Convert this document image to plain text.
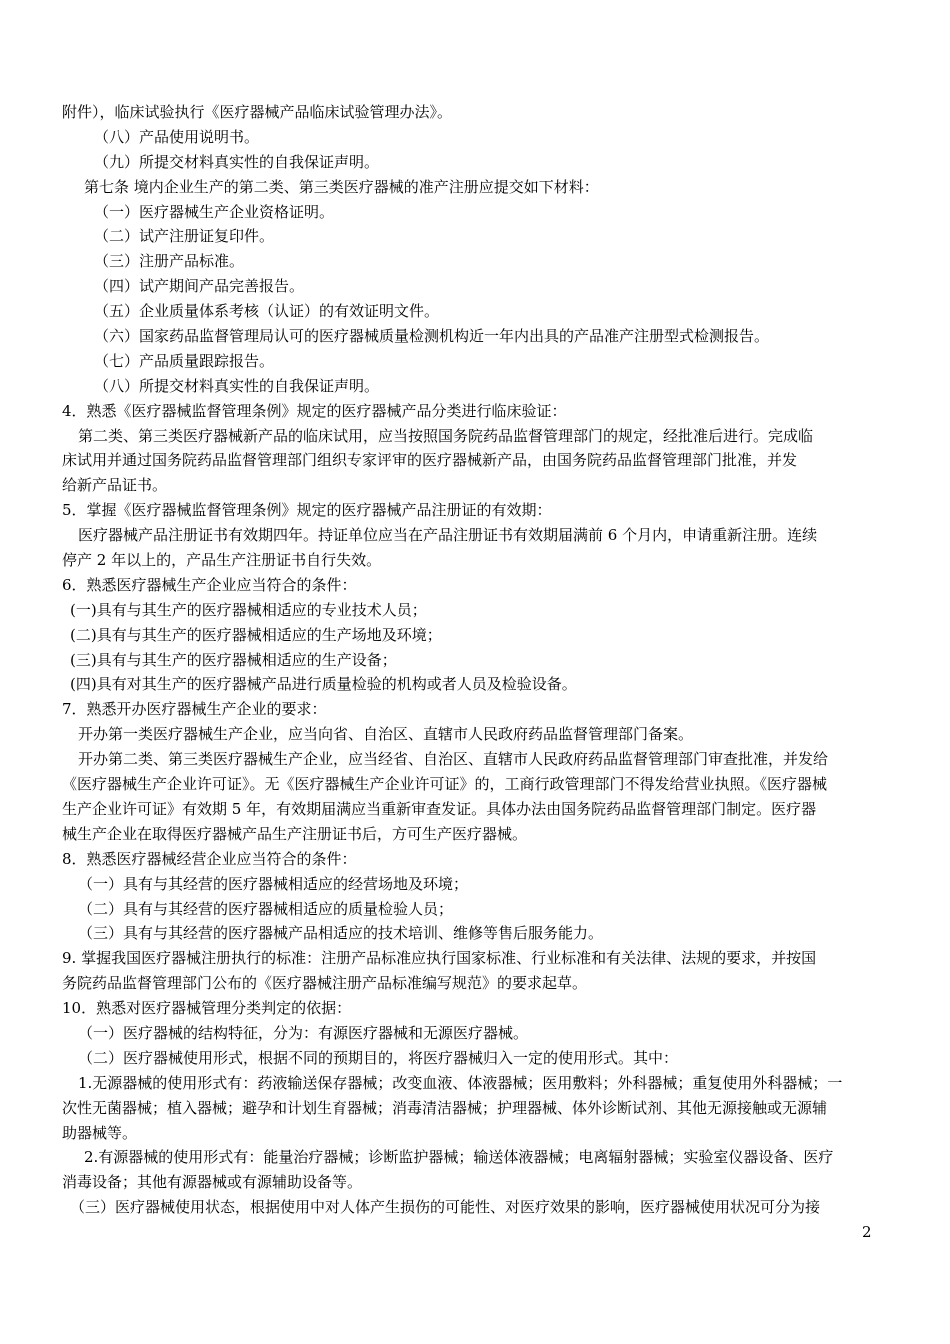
附件），临床试验执行《医疗器械产品临床试验管理办法》。
（八）产品使用说明书。
（九）所提交材料真实性的自我保证声明。
第七条 境内企业生产的第二类、第三类医疗器械的准产注册应提交如下材料：
（一）医疗器械生产企业资格证明。
（二）试产注册证复印件。
（三）注册产品标准。
（四）试产期间产品完善报告。
（五）企业质量体系考核（认证）的有效证明文件。
（六）国家药品监督管理局认可的医疗器械质量检测机构近一年内出具的产品准产注册型式检测报告。
（七）产品质量跟踪报告。
（八）所提交材料真实性的自我保证声明。
4．熟悉《医疗器械监督管理条例》规定的医疗器械产品分类进行临床验证：
第二类、第三类医疗器械新产品的临床试用，应当按照国务院药品监督管理部门的规定，经批准后进行。完成临
床试用并通过国务院药品监督管理部门组织专家评审的医疗器械新产品，由国务院药品监督管理部门批准，并发
给新产品证书。
5．掌握《医疗器械监督管理条例》规定的医疗器械产品注册证的有效期：
医疗器械产品注册证书有效期四年。持证单位应当在产品注册证书有效期届满前 6 个月内，申请重新注册。连续
停产 2 年以上的，产品生产注册证书自行失效。
6．熟悉医疗器械生产企业应当符合的条件：
(一)具有与其生产的医疗器械相适应的专业技术人员；
(二)具有与其生产的医疗器械相适应的生产场地及环境；
(三)具有与其生产的医疗器械相适应的生产设备；
(四)具有对其生产的医疗器械产品进行质量检验的机构或者人员及检验设备。
7．熟悉开办医疗器械生产企业的要求：
开办第一类医疗器械生产企业，应当向省、自治区、直辖市人民政府药品监督管理部门备案。
开办第二类、第三类医疗器械生产企业，应当经省、自治区、直辖市人民政府药品监督管理部门审查批准，并发给
《医疗器械生产企业许可证》。无《医疗器械生产企业许可证》的，工商行政管理部门不得发给营业执照。《医疗器械
生产企业许可证》有效期 5 年，有效期届满应当重新审查发证。具体办法由国务院药品监督管理部门制定。医疗器
械生产企业在取得医疗器械产品生产注册证书后，方可生产医疗器械。
8．熟悉医疗器械经营企业应当符合的条件：
（一）具有与其经营的医疗器械相适应的经营场地及环境；
（二）具有与其经营的医疗器械相适应的质量检验人员；
（三）具有与其经营的医疗器械产品相适应的技术培训、维修等售后服务能力。
9. 掌握我国医疗器械注册执行的标准：注册产品标准应执行国家标准、行业标准和有关法律、法规的要求，并按国
务院药品监督管理部门公布的《医疗器械注册产品标准编写规范》的要求起草。
10．熟悉对医疗器械管理分类判定的依据：
（一）医疗器械的结构特征，分为：有源医疗器械和无源医疗器械。
（二）医疗器械使用形式，根据不同的预期目的，将医疗器械归入一定的使用形式。其中：
1.无源器械的使用形式有：药液输送保存器械；改变血液、体液器械；医用敷料；外科器械；重复使用外科器械；一
次性无菌器械；植入器械；避孕和计划生育器械；消毒清洁器械；护理器械、体外诊断试剂、其他无源接触或无源辅
助器械等。
2.有源器械的使用形式有：能量治疗器械；诊断监护器械；输送体液器械；电离辐射器械；实验室仪器设备、医疗
消毒设备；其他有源器械或有源辅助设备等。
（三）医疗器械使用状态，根据使用中对人体产生损伤的可能性、对医疗效果的影响，医疗器械使用状况可分为接
2
